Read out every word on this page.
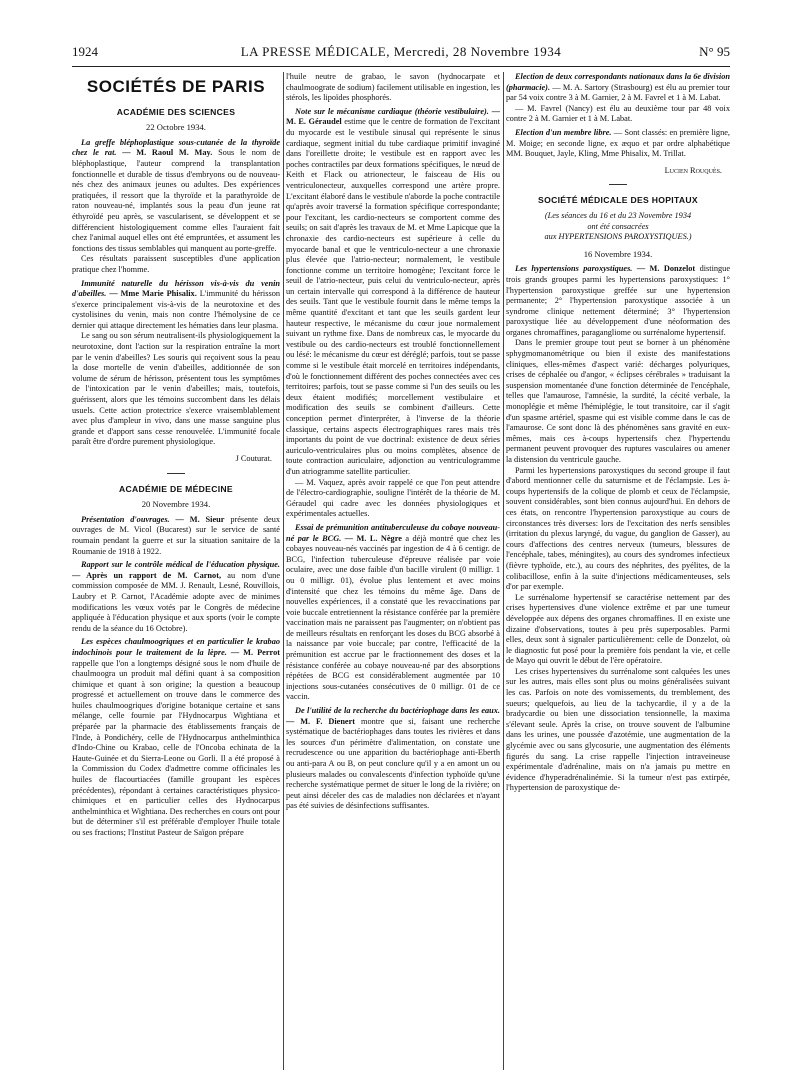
1924	LA PRESSE MÉDICALE, Mercredi, 28 Novembre 1934	N° 95
SOCIÉTÉS DE PARIS
ACADÉMIE DES SCIENCES
22 Octobre 1934.

La greffe bléphoplastique sous-cutanée de la thyroïde chez le rat. — M. Raoul M. May. Sous le nom de bléphoplastique, l'auteur comprend la transplantation fonctionnelle et durable de tissus d'embryons ou de nouveau-nés chez des animaux jeunes ou adultes. Des expériences pratiquées, il ressort que la thyroïde et la parathyroïde de raton nouveau-né, implantés sous la peau d'un jeune rat éthyroïdé peu après, se vascularisent, se développent et se différencient histologiquement comme elles l'auraient fait chez l'animal auquel elles ont été empruntées, et assument les fonctions des tissus semblables qui manquent au porte-greffe.

Ces résultats paraissent susceptibles d'une application pratique chez l'homme.

Immunité naturelle du hérisson vis-à-vis du venin d'abeilles. — Mme Marie Phisalix. L'immunité du hérisson s'exerce principalement vis-à-vis de la neurotoxine et des cystolisines du venin, mais non contre l'hémolysine de ce dernier qui attaque directement les hématies dans leur plasma.

Le sang ou son sérum neutralisent-ils physiologiquement la neurotoxine, dont l'action sur la respiration entraîne la mort par le venin d'abeilles? Les souris qui reçoivent sous la peau la dose mortelle de venin d'abeilles, additionnée de son volume de sérum de hérisson, présentent tous les symptômes de l'intoxication par le venin d'abeilles; mais, toutefois, guérissent, alors que les témoins succombent dans les délais usuels. Cette action protectrice s'exerce vraisemblablement avec plus d'ampleur in vivo, dans une masse sanguine plus grande et d'apport sans cesse renouvelée. L'immunité focale paraît être d'ordre purement physiologique.

J Couturat.
ACADÉMIE DE MÉDECINE
20 Novembre 1934.

Présentation d'ouvrages. — M. Sieur présente deux ouvrages de M. Vicol (Bucarest) sur le service de santé roumain pendant la guerre et sur la situation sanitaire de la Roumanie de 1918 à 1922.

Rapport sur le contrôle médical de l'éducation physique. — Après un rapport de M. Carnot, au nom d'une commission composée de MM. J. Renault, Lesné, Rouvillois, Laubry et P. Carnot, l'Académie adopte avec de minimes modifications les vœux votés par le Congrès de médecine appliquée à l'éducation physique et aux sports (voir le compte rendu de la séance du 16 Octobre).

Les espèces chaulmoogriques et en particulier le krabao indochinois pour le traitement de la lèpre. — M. Perrot rappelle que l'on a longtemps désigné sous le nom d'huile de chaulmoogra un produit mal défini quant à sa composition chimique et quant à son origine; la question a beaucoup progressé et actuellement on trouve dans le commerce des huiles chaulmoogriques d'origine botanique certaine et sans mélange, celle fournie par l'Hydnocarpus Wightiana et préparée par la pharmacie des établissements français de l'Inde, à Pondichéry, celle de l'Hydnocarpus anthelminthica d'Indo-Chine ou Krabao, celle de l'Oncoba echinata de la Haute-Guinée et du Sierra-Leone ou Gorli. Il a été proposé à la Commission du Codex d'admettre comme officinales les huiles de flacourtiacées (famille groupant les espèces précédentes), répondant à certaines caractéristiques physico-chimiques et en particulier celles des Hydnocarpus anthelminthica et Wightiana. Des recherches en cours ont pour but de déterminer s'il est préférable d'employer l'huile totale ou ses fractions; l'Institut Pasteur de Saïgon prépare

l'huile neutre de grabao, le savon (hydnocarpate et chaulmoograte de sodium) facilement utilisable en ingestion, les stérols, les lipoïdes phosphorés.

Note sur le mécanisme cardiaque (théorie vestibulaire). — M. E. Géraudel estime que le centre de formation de l'excitant du myocarde est le vestibule sinusal qui représente le sinus cardiaque, segment initial du tube cardiaque primitif invaginé dans l'oreillette droite; le vestibule est en rapport avec les poches contractiles par deux formations spécifiques, le nœud de Keith et Flack ou atrionecteur, le faisceau de His ou ventriculonecteur, auxquelles correspond une artère propre. L'excitant élaboré dans le vestibule n'aborde la poche contractile qu'après avoir traversé la formation spécifique correspondante; pour l'excitant, les cardio-necteurs se comportent comme des seuils; on sait d'après les travaux de M. et Mme Lapicque que la chronaxie des cardio-necteurs est supérieure à celle du myocarde banal et que le ventriculo-necteur a une chronaxie plus élevée que l'atrio-necteur; normalement, le vestibule fonctionne comme un territoire homogène; l'excitant force le seuil de l'atrio-necteur, puis celui du ventriculo-necteur, après un certain intervalle qui correspond à la différence de hauteur des seuils. Tant que le vestibule fournit dans le même temps la même quantité d'excitant et tant que les seuils gardent leur hauteur respective, le mécanisme du cœur joue normalement suivant un rythme fixe. Dans de nombreux cas, le myocarde du vestibule ou des cardio-necteurs est troublé fonctionnellement ou lésé: le mécanisme du cœur est déréglé; parfois, tout se passe comme si le vestibule était morcelé en territoires indépendants, d'où le fonctionnement différent des poches connectées avec ces territoires; parfois, tout se passe comme si l'un des seuils ou les deux étaient modifiés; morcellement vestibulaire et modification des seuils se combinent d'ailleurs. Cette conception permet d'interpréter, à l'inverse de la théorie classique, certains aspects électrographiques rares mais très importants du point de vue doctrinal: existence de deux séries auriculo-ventriculaires plus ou moins complètes, absence de toute contraction auriculaire, adjonction au ventriculogramme d'un atriogramme satellite particulier.

— M. Vaquez, après avoir rappelé ce que l'on peut attendre de l'électro-cardiographie, souligne l'intérêt de la théorie de M. Géraudel qui cadre avec les données physiologiques et expérimentales actuelles.

Essai de prémunition antituberculeuse du cobaye nouveau-né par le BCG. — M. L. Nègre a déjà montré que chez les cobayes nouveau-nés vaccinés par ingestion de 4 à 6 centigr. de BCG, l'infection tuberculeuse d'épreuve réalisée par voie oculaire, avec une dose faible d'un bacille virulent (0 milligr. 1 ou 0 milligr. 01), évolue plus lentement et avec moins d'intensité que chez les témoins du même âge. Dans de nouvelles expériences, il a constaté que les revaccinations par voie buccale entretiennent la résistance conférée par la première vaccination mais ne paraissent pas l'augmenter; on n'obtient pas de meilleurs résultats en renforçant les doses du BCG absorbé à la naissance par voie buccale; par contre, l'efficacité de la prémunition est accrue par le fractionnement des doses et la résistance conférée au cobaye nouveau-né par des absorptions répétées de BCG est considérablement augmentée par 10 injections sous-cutanées consécutives de 0 milligr. 01 de ce vaccin.

De l'utilité de la recherche du bactériophage dans les eaux. — M. F. Dienert montre que si, faisant une recherche systématique de bactériophages dans toutes les rivières et dans les sources d'un périmètre d'alimentation, on constate une recrudescence ou une apparition du bactériophage anti-Eberth ou anti-para A ou B, on peut conclure qu'il y a en amont un ou plusieurs malades ou convalescents d'infection typhoïde qu'une recherche systématique permet de situer le long de la rivière; on peut ainsi déceler des cas de maladies non déclarées et n'ayant pas été suivies de désinfections suffisantes.

Election de deux correspondants nationaux dans la 6e division (pharmacie). — M. A. Sartory (Strasbourg) est élu au premier tour par 54 voix contre 3 à M. Garnier, 2 à M. Favrel et 1 à M. Labat.

— M. Favrel (Nancy) est élu au deuxième tour par 48 voix contre 2 à M. Garnier et 1 à M. Labat.

Election d'un membre libre. — Sont classés: en première ligne, M. Moige; en seconde ligne, ex æquo et par ordre alphabétique MM. Bouquet, Jayle, Kling, Mme Phisalix, M. Trillat.

Lucien Rouquès.
SOCIÉTÉ MÉDICALE DES HOPITAUX
(Les séances du 16 et du 23 Novembre 1934
ont été consacrées
aux HYPERTENSIONS PAROXYSTIQUES.)
16 Novembre 1934.

Les hypertensions paroxystiques. — M. Donzelot distingue trois grands groupes parmi les hypertensions paroxystiques: 1° l'hypertension paroxystique greffée sur une hypertension permanente; 2° l'hypertension paroxystique associée à un syndrome clinique nettement déterminé; 3° l'hypertension paroxystique liée au développement d'une néoformation des organes chromaffines, paragangliome ou surrénalome hypertensif.

Dans le premier groupe tout peut se borner à un phénomène sphygmomanométrique ou bien il existe des manifestations cliniques, elles-mêmes d'aspect varié: décharges polyuriques, crises de céphalée ou d'angor, « éclipses cérébrales » traduisant la suspension momentanée d'une fonction déterminée de l'encéphale, telles que l'amaurose, l'amnésie, la surdité, la cécité verbale, la monoplégie et même l'hémiplégie, le tout transitoire, car il s'agit d'un spasme artériel, spasme qui est visible comme dans le cas de l'amaurose. Ce sont donc là des phénomènes sans gravité en eux-mêmes, mais ces à-coups hypertensifs chez l'hypertendu permanent peuvent provoquer des ruptures vasculaires ou amener la distension du ventricule gauche.

Parmi les hypertensions paroxystiques du second groupe il faut d'abord mentionner celle du saturnisme et de l'éclampsie. Les à-coups hypertensifs de la colique de plomb et ceux de l'éclampsie, souvent considérables, sont bien connus aujourd'hui. En dehors de ces états, on rencontre l'hypertension paroxystique au cours de circonstances très diverses: lors de l'excitation des nerfs sensibles (irritation du plexus laryngé, du vague, du ganglion de Gasser), au cours d'affections des centres nerveux (tumeurs, blessures de l'encéphale, tabes, méningites), au cours des syndromes infectieux (fièvre typhoïde, etc.), au cours des néphrites, des pyélites, de la colibacillose, enfin à la suite d'injections médicamenteuses, sels d'or par exemple.

Le surrénalome hypertensif se caractérise nettement par des crises hypertensives d'une violence extrême et par une tumeur développée aux dépens des organes chromaffines. Il en existe une dizaine d'observations, toutes à peu près superposables. Parmi elles, deux sont à signaler particulièrement: celle de Donzelot, où le diagnostic fut posé pour la première fois pendant la vie, et celle de Mayo qui ouvrit le début de l'ère opératoire.

Les crises hypertensives du surrénalome sont calquées les unes sur les autres, mais elles sont plus ou moins généralisées suivant les cas. Parfois on note des vomissements, du tremblement, des sueurs; quelquefois, au lieu de la tachycardie, il y a de la bradycardie ou bien une dissociation tensionnelle, la maxima s'élevant seule. Après la crise, on trouve souvent de l'albumine dans les urines, une poussée d'azotémie, une augmentation de la glycémie avec ou sans glycosurie, une augmentation des éléments figurés du sang. La crise rappelle l'injection intraveineuse expérimentale d'adrénaline, mais on n'a jamais pu mettre en évidence d'hyperadrénalinémie. Si la tumeur n'est pas extirpée, l'hypertension de paroxystique de-
